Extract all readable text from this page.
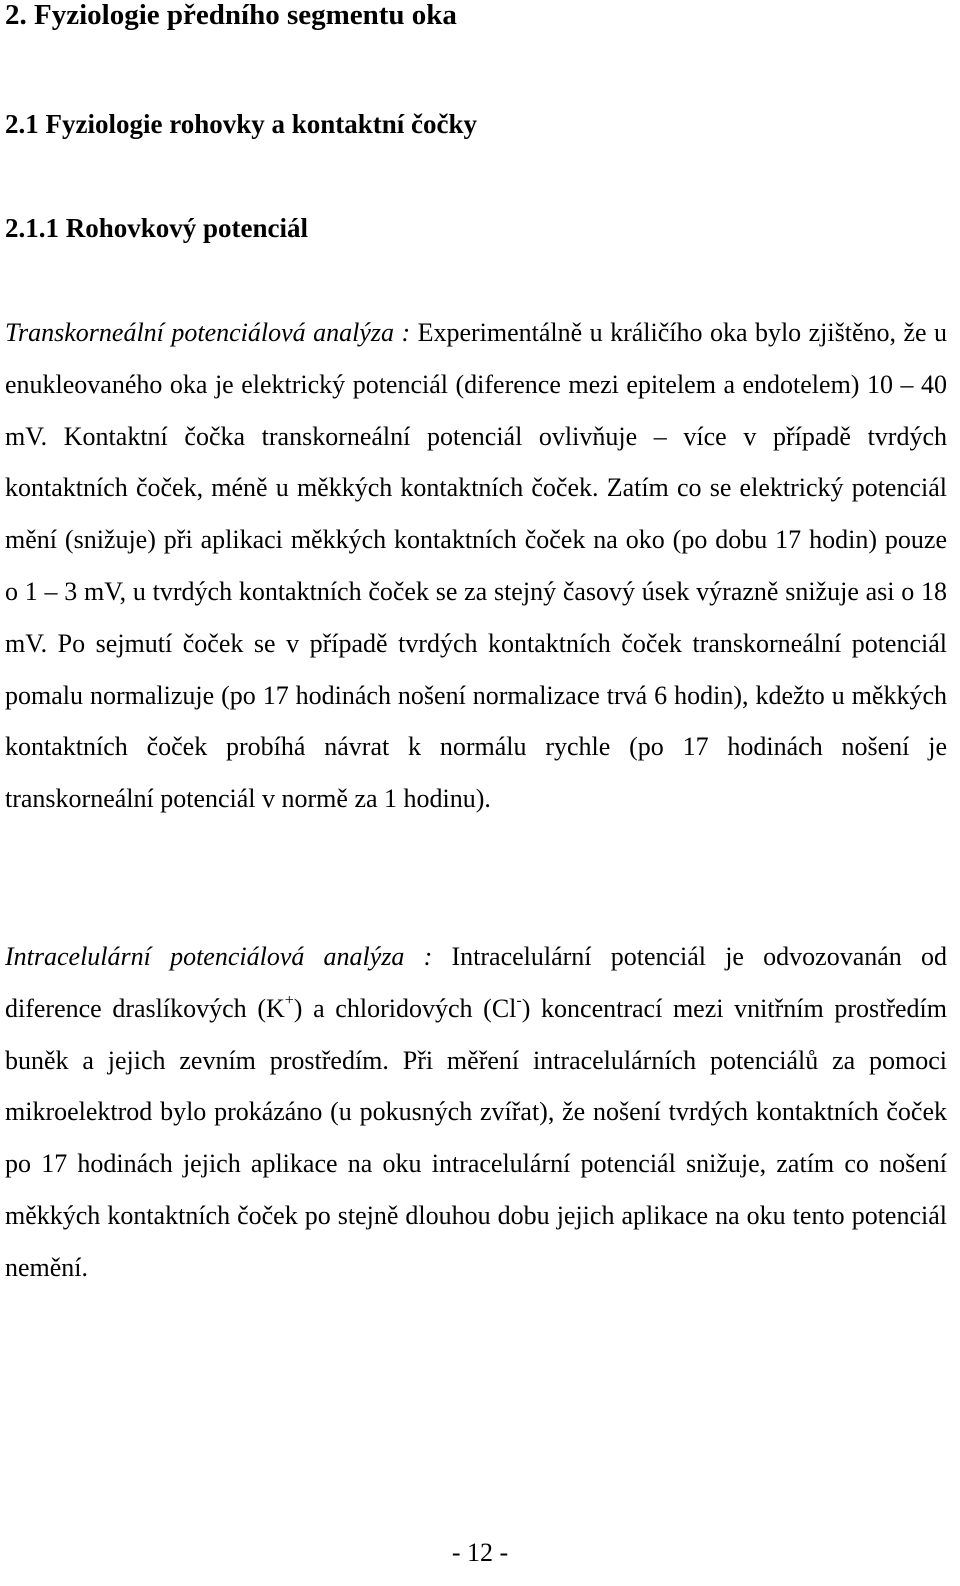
2. Fyziologie předního segmentu oka
2.1 Fyziologie rohovky a kontaktní čočky
2.1.1 Rohovkový potenciál

Transkorneální potenciálová analýza : Experimentálně u králičího oka bylo zjištěno, že u enukleovaného oka je elektrický potenciál (diference mezi epitelem a endotelem) 10 – 40 mV. Kontaktní čočka transkorneální potenciál ovlivňuje – více v případě tvrdých kontaktních čoček, méně u měkkých kontaktních čoček. Zatím co se elektrický potenciál mění (snižuje) při aplikaci měkkých kontaktních čoček na oko (po dobu 17 hodin) pouze o 1 – 3 mV, u tvrdých kontaktních čoček se za stejný časový úsek výrazně snižuje asi o 18 mV. Po sejmutí čoček se v případě tvrdých kontaktních čoček transkorneální potenciál pomalu normalizuje (po 17 hodinách nošení normalizace trvá 6 hodin), kdežto u měkkých kontaktních čoček probíhá návrat k normálu rychle (po 17 hodinách nošení je transkorneální potenciál v normě za 1 hodinu).

Intracelulární potenciálová analýza : Intracelulární potenciál je odvozovanán od diference draslíkových (K+) a chloridových (Cl-) koncentrací mezi vnitřním prostředím buněk a jejich zevním prostředím. Při měření intracelulárních potenciálů za pomoci mikroelektrod bylo prokázáno (u pokusných zvířat), že nošení tvrdých kontaktních čoček po 17 hodinách jejich aplikace na oku intracelulární potenciál snižuje, zatím co nošení měkkých kontaktních čoček po stejně dlouhou dobu jejich aplikace na oku tento potenciál nemění.

- 12 -
